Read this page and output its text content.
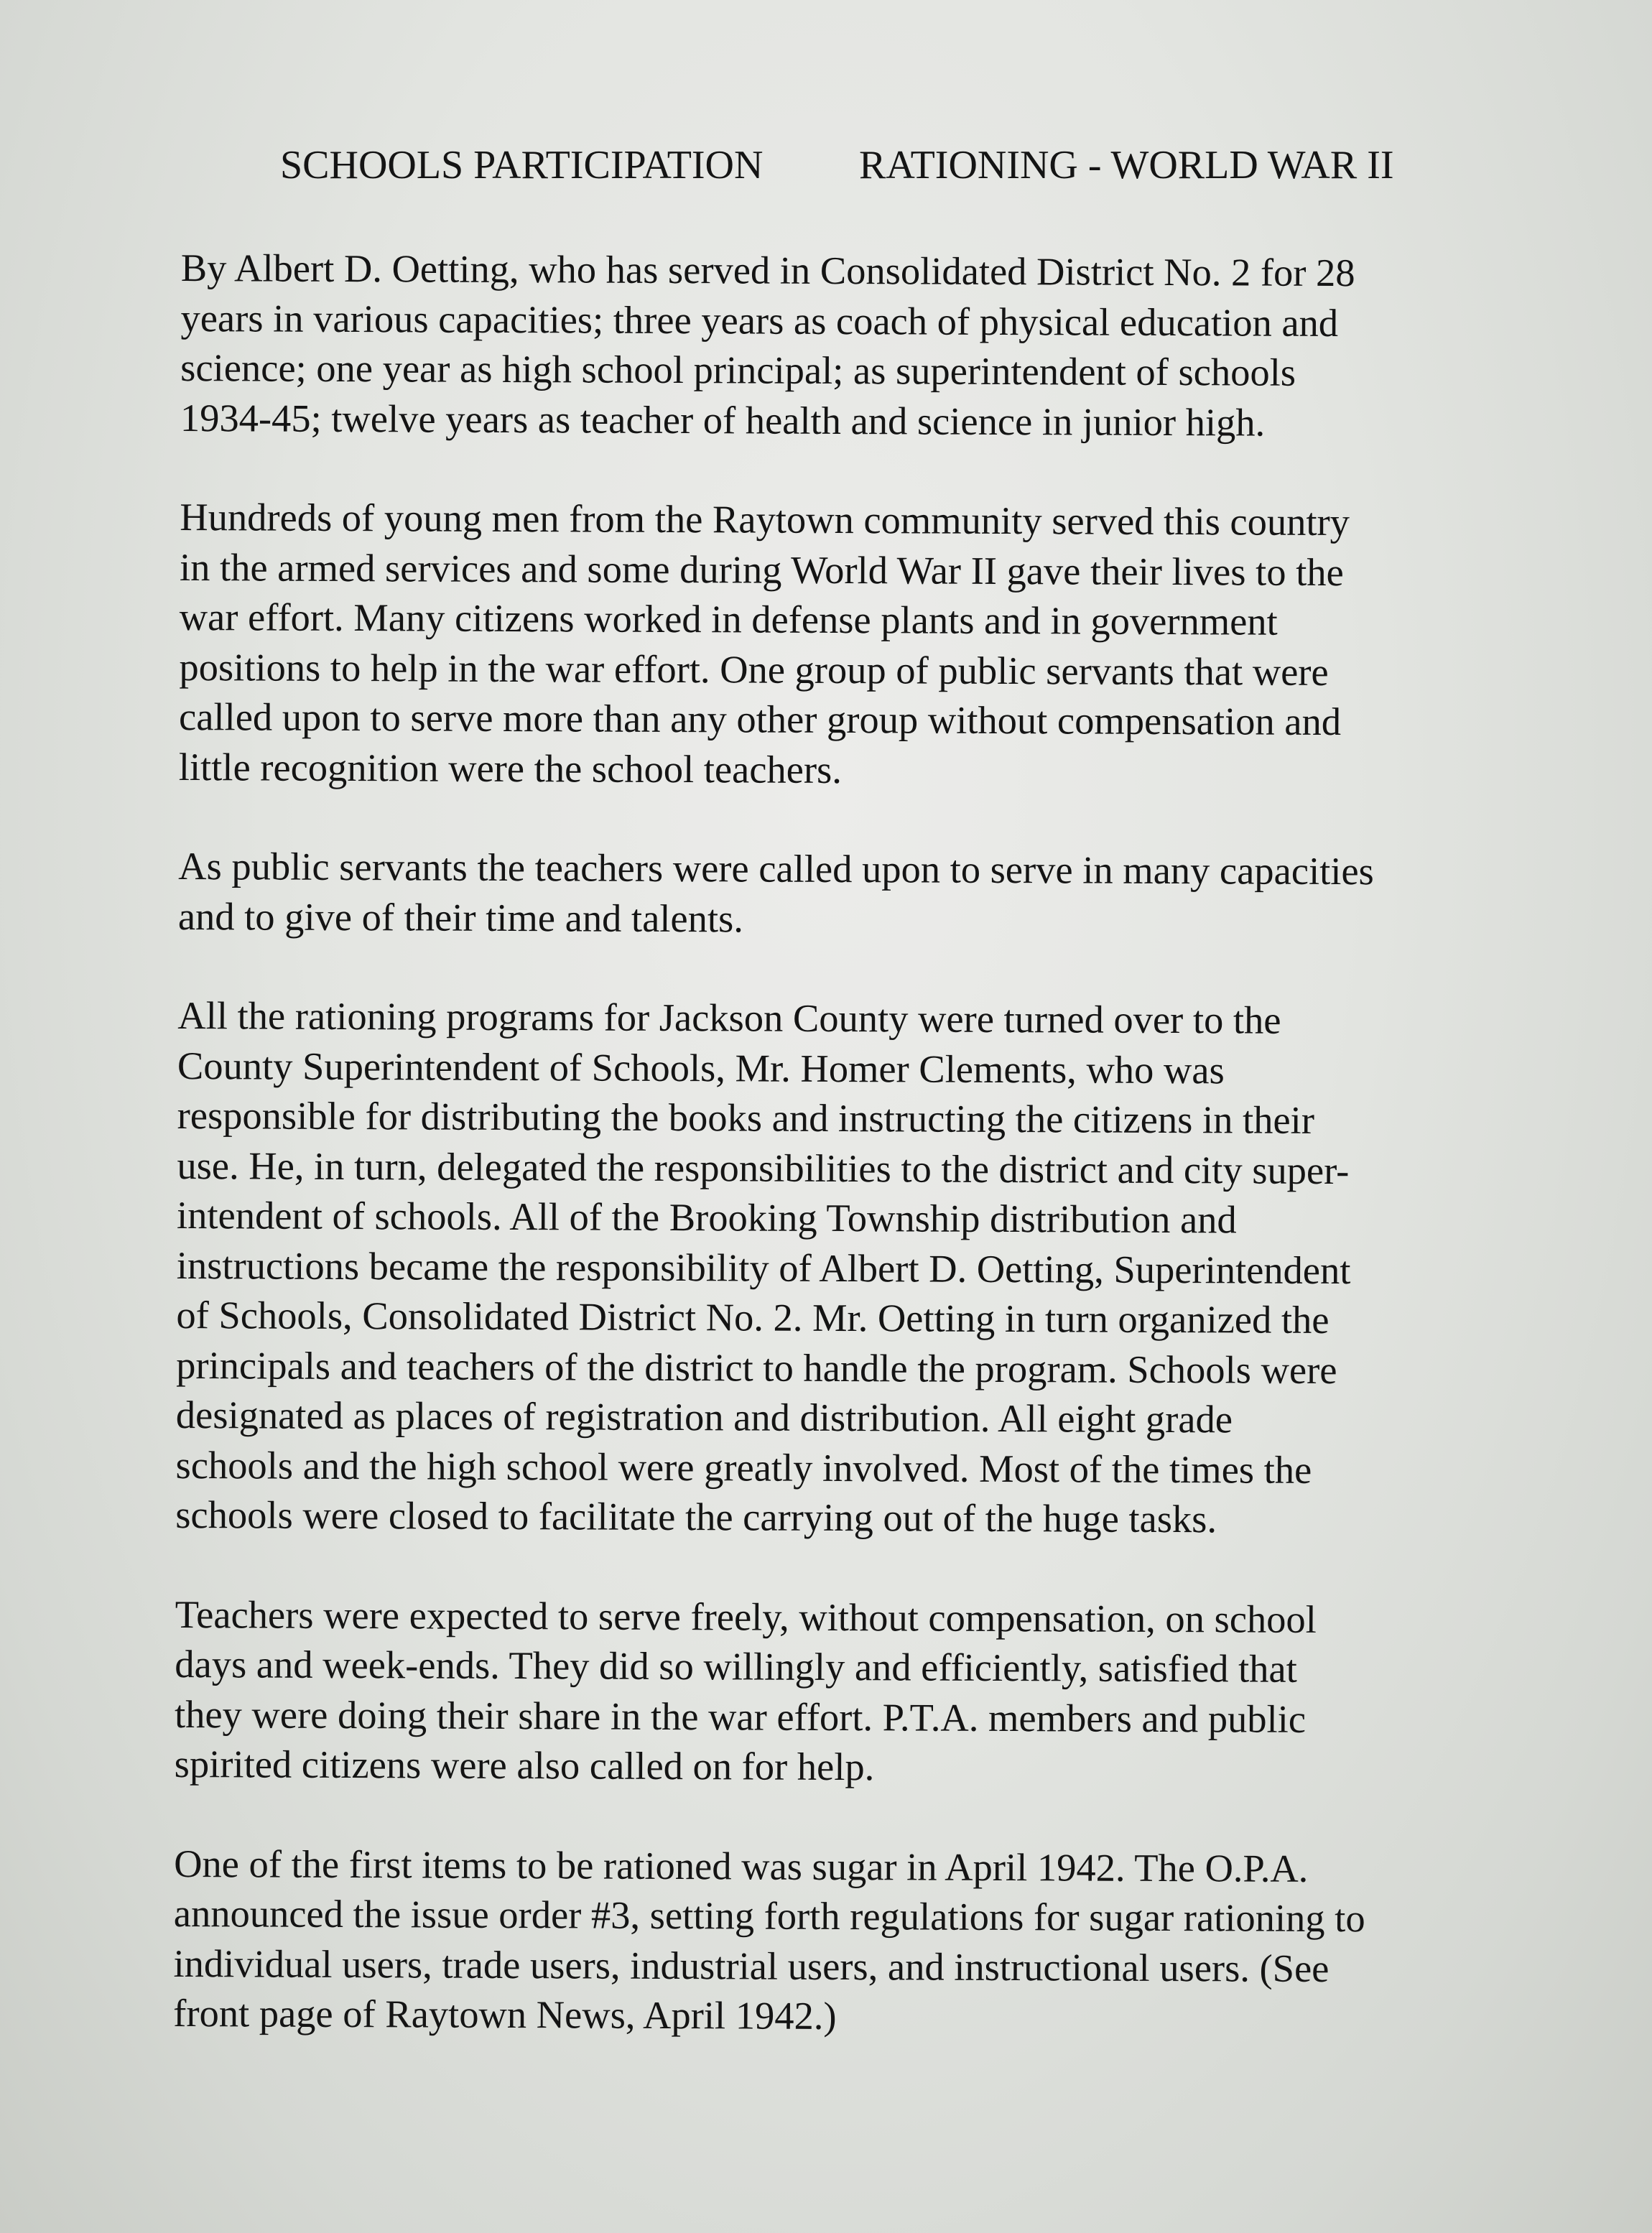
SCHOOLS PARTICIPATION RATIONING - WORLD WAR II
By Albert D. Oetting, who has served in Consolidated District No. 2 for 28
years in various capacities; three years as coach of physical education and
science; one year as high school principal; as superintendent of schools
1934-45; twelve years as teacher of health and science in junior high.
Hundreds of young men from the Raytown community served this country
in the armed services and some during World War II gave their lives to the
war effort. Many citizens worked in defense plants and in government
positions to help in the war effort. One group of public servants that were
called upon to serve more than any other group without compensation and
little recognition were the school teachers.
As public servants the teachers were called upon to serve in many capacities
and to give of their time and talents.
All the rationing programs for Jackson County were turned over to the
County Superintendent of Schools, Mr. Homer Clements, who was
responsible for distributing the books and instructing the citizens in their
use. He, in turn, delegated the responsibilities to the district and city super-
intendent of schools. All of the Brooking Township distribution and
instructions became the responsibility of Albert D. Oetting, Superintendent
of Schools, Consolidated District No. 2. Mr. Oetting in turn organized the
principals and teachers of the district to handle the program. Schools were
designated as places of registration and distribution. All eight grade
schools and the high school were greatly involved. Most of the times the
schools were closed to facilitate the carrying out of the huge tasks.
Teachers were expected to serve freely, without compensation, on school
days and week-ends. They did so willingly and efficiently, satisfied that
they were doing their share in the war effort. P.T.A. members and public
spirited citizens were also called on for help.
One of the first items to be rationed was sugar in April 1942. The O.P.A.
announced the issue order #3, setting forth regulations for sugar rationing to
individual users, trade users, industrial users, and instructional users. (See
front page of Raytown News, April 1942.)
